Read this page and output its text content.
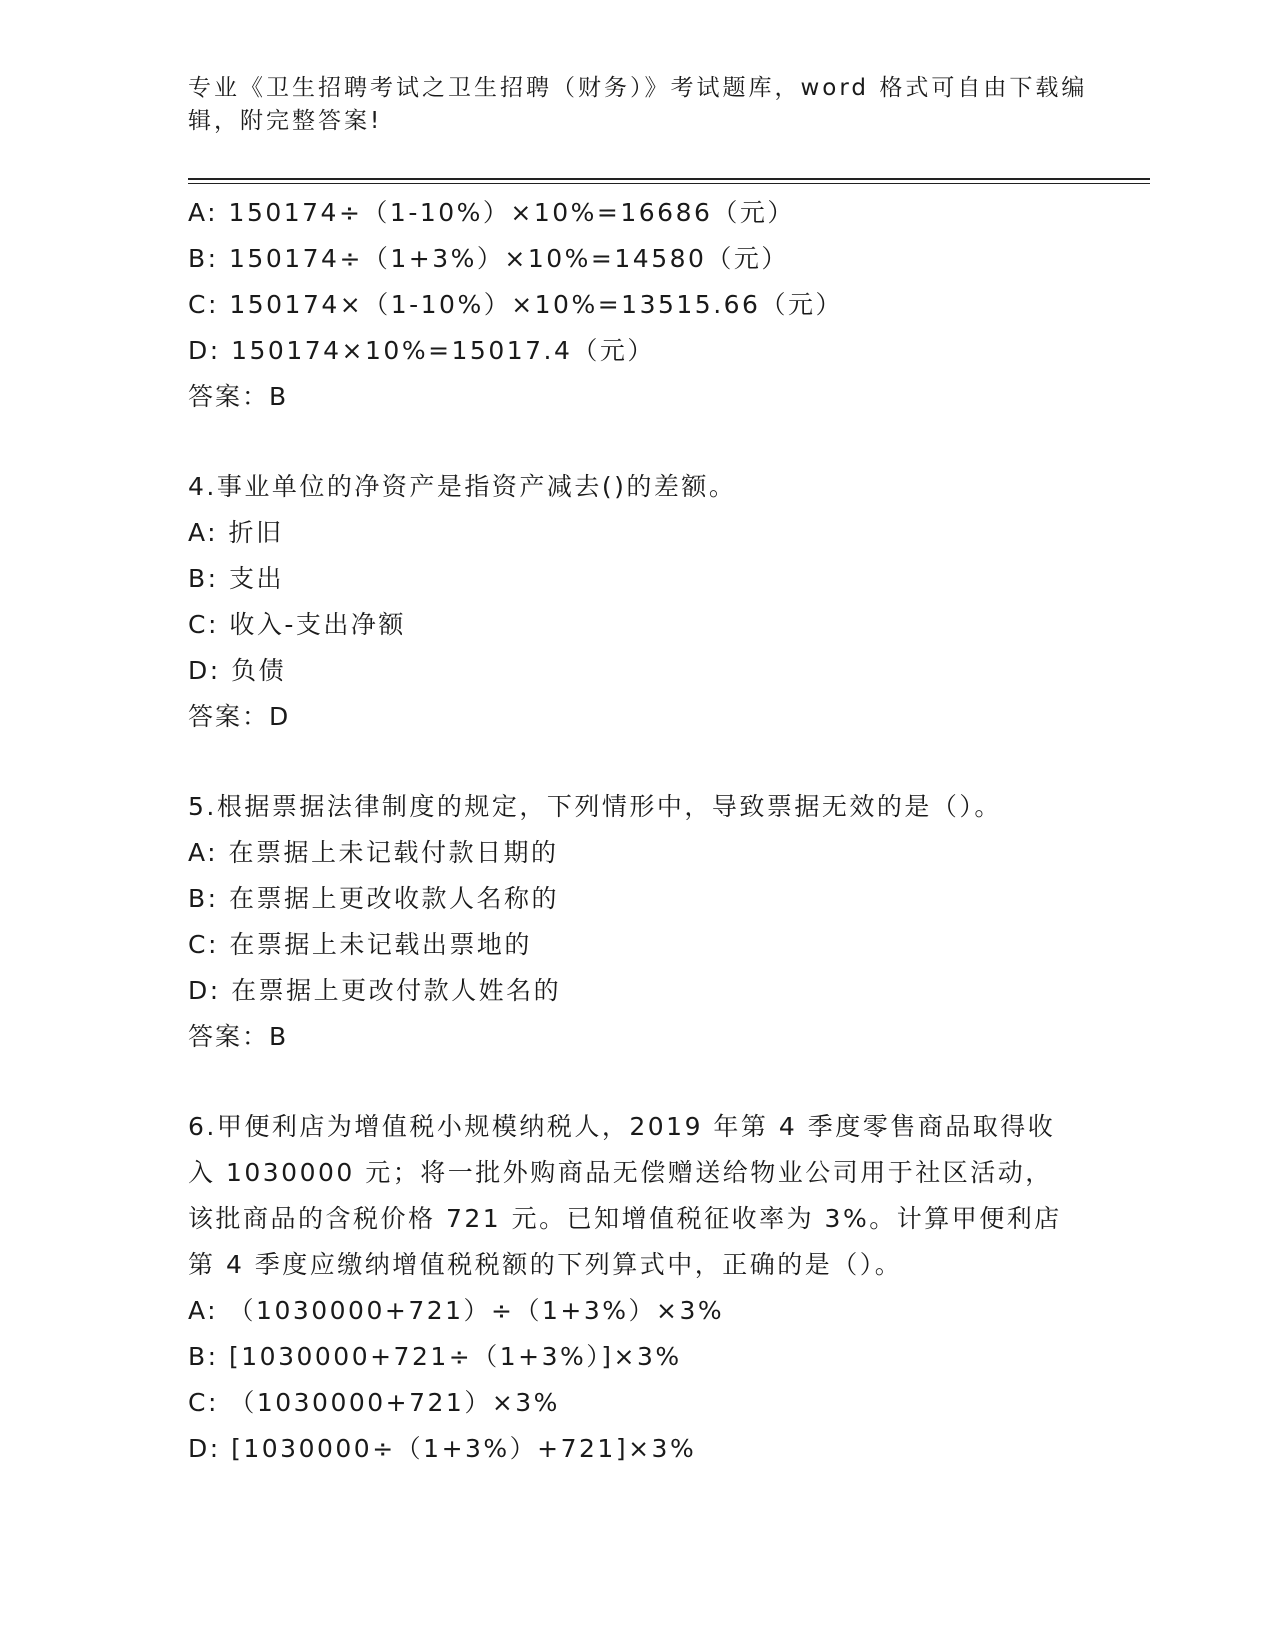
专业《卫生招聘考试之卫生招聘（财务）》考试题库，word 格式可自由下载编辑，附完整答案!

A: 150174÷（1-10%）×10%=16686（元）

B: 150174÷（1+3%）×10%=14580（元）

C: 150174×（1-10%）×10%=13515.66（元）

D: 150174×10%=15017.4（元）

答案：B

4.事业单位的净资产是指资产减去()的差额。

A: 折旧

B: 支出

C: 收入-支出净额

D: 负债

答案：D

5.根据票据法律制度的规定，下列情形中，导致票据无效的是（）。

A: 在票据上未记载付款日期的

B: 在票据上更改收款人名称的

C: 在票据上未记载出票地的

D: 在票据上更改付款人姓名的

答案：B

6.甲便利店为增值税小规模纳税人，2019 年第 4 季度零售商品取得收入 1030000 元；将一批外购商品无偿赠送给物业公司用于社区活动，该批商品的含税价格 721 元。已知增值税征收率为 3%。计算甲便利店第 4 季度应缴纳增值税税额的下列算式中，正确的是（）。

A: （1030000+721）÷（1+3%）×3%

B: [1030000+721÷（1+3%）]×3%

C: （1030000+721）×3%

D: [1030000÷（1+3%）+721]×3%
